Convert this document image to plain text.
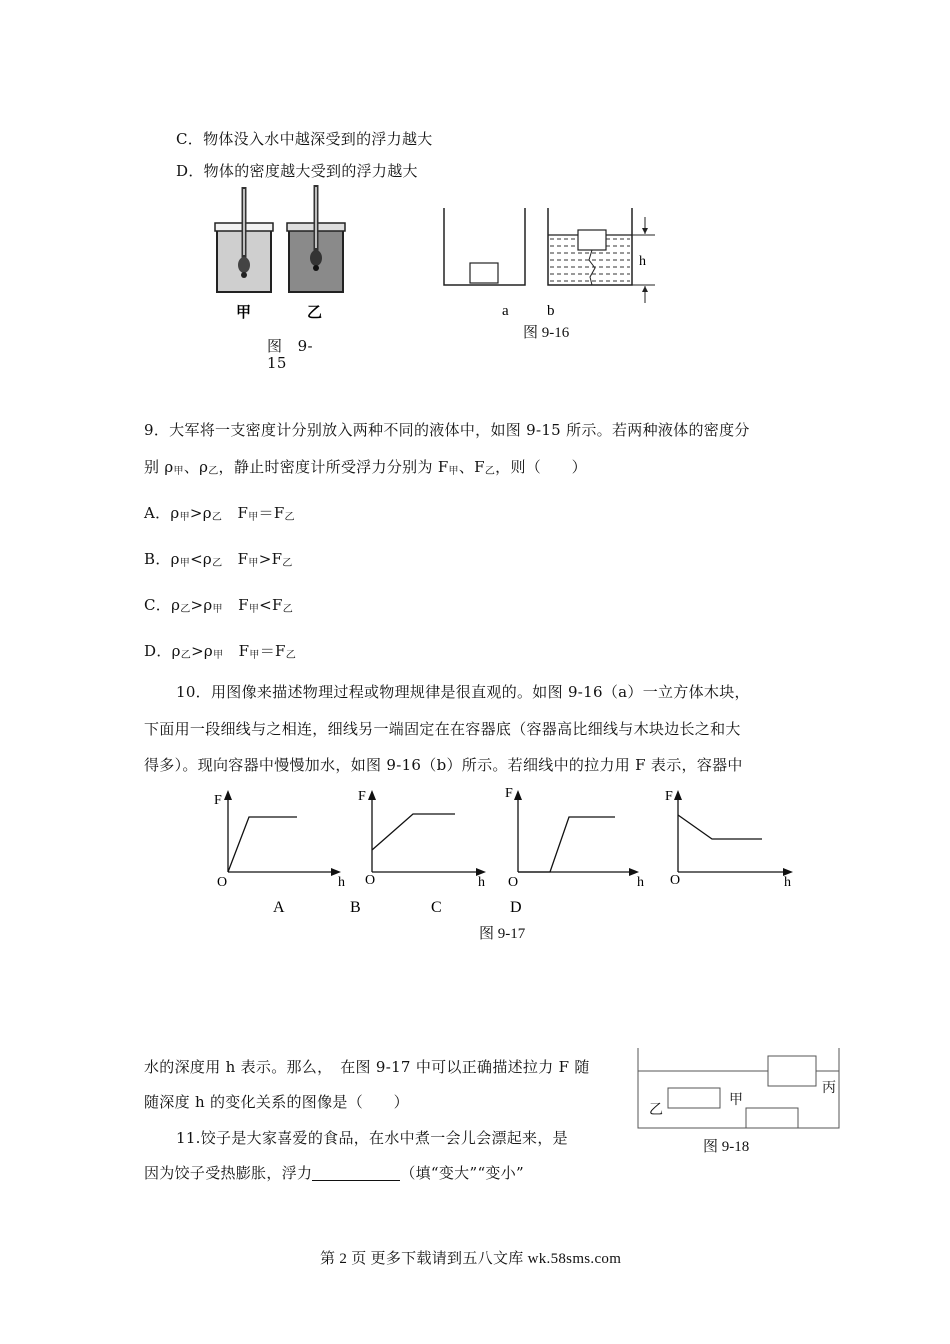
C．物体没入水中越深受到的浮力越大
D．物体的密度越大受到的浮力越大
甲	乙
图　9-
15
h
a	b
图 9-16
9．大军将一支密度计分别放入两种不同的液体中，如图 9-15 所示。若两种液体的密度分
别 $\rho_甲$、$\rho_乙$，静止时密度计所受浮力分别为 $F_甲$、$F_乙$，则（　　）
A．$\rho_甲>\rho_乙$　$F_甲=F_乙$
B．$\rho_甲<\rho_乙$　$F_甲>F_乙$
C．$\rho_乙>\rho_甲$　$F_甲<F_乙$
D．$\rho_乙>\rho_甲$　$F_甲=F_乙$
10．用图像来描述物理过程或物理规律是很直观的。如图 9-16（a）一立方体木块，
下面用一段细线与之相连，细线另一端固定在在容器底（容器高比细线与木块边长之和大
得多）。现向容器中慢慢加水，如图 9-16（b）所示。若细线中的拉力用 F 表示，容器中
F
O	h
F
O	h
F
O	h
F
O	h
A	B	C	D
图 9-17
水的深度用 h 表示。那么，　在图 9-17 中可以正确描述拉力 F 随
随深度 h 的变化关系的图像是（　　）
丙
甲
乙
图 9-18
11.饺子是大家喜爱的食品，在水中煮一会儿会漂起来，是
因为饺子受热膨胀，浮力	（填“变大”“变小”
第 2 页 更多下载请到五八文库 wk.58sms.com
